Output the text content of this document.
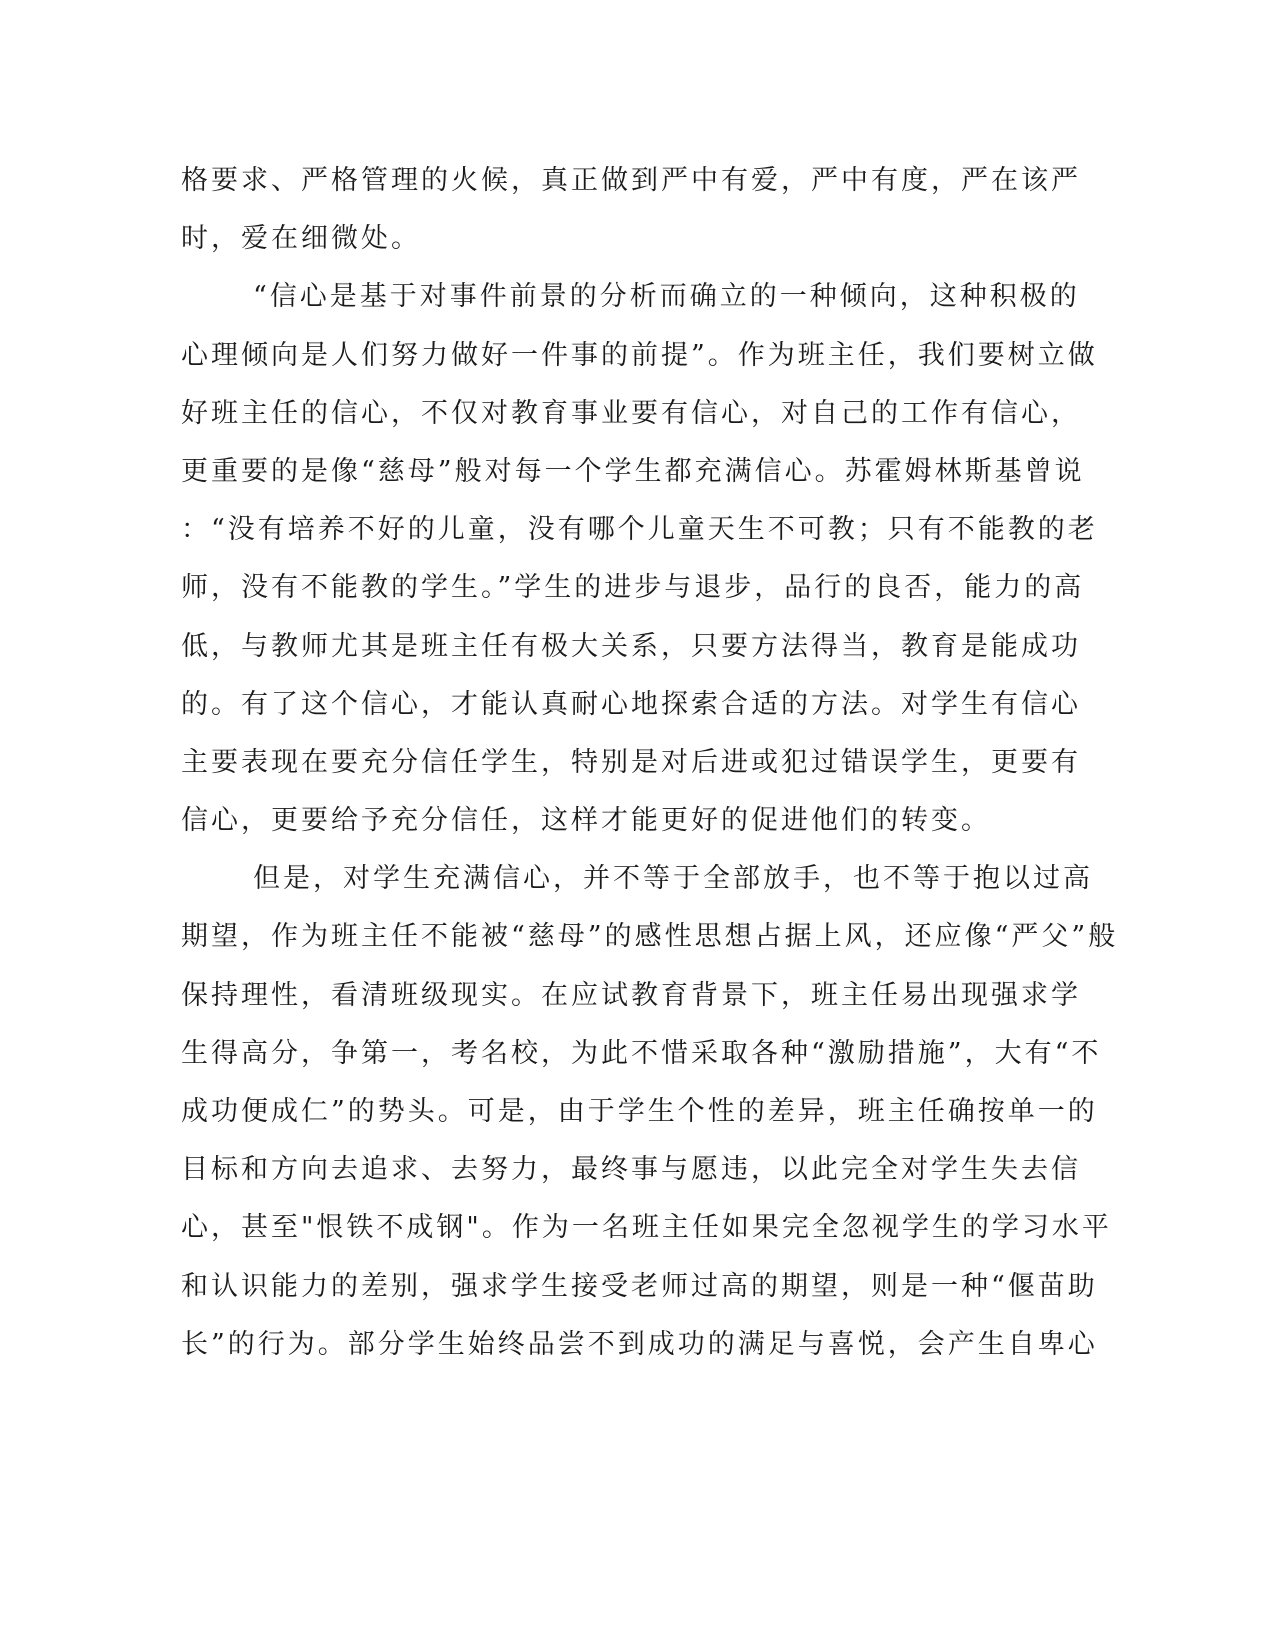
格要求、严格管理的火候，真正做到严中有爱，严中有度，严在该严
时，爱在细微处。
“信心是基于对事件前景的分析而确立的一种倾向，这种积极的
心理倾向是人们努力做好一件事的前提”。作为班主任，我们要树立做
好班主任的信心，不仅对教育事业要有信心，对自己的工作有信心，
更重要的是像“慈母”般对每一个学生都充满信心。苏霍姆林斯基曾说
：“没有培养不好的儿童，没有哪个儿童天生不可教；只有不能教的老
师，没有不能教的学生。”学生的进步与退步，品行的良否，能力的高
低，与教师尤其是班主任有极大关系，只要方法得当，教育是能成功
的。有了这个信心，才能认真耐心地探索合适的方法。对学生有信心
主要表现在要充分信任学生，特别是对后进或犯过错误学生，更要有
信心，更要给予充分信任，这样才能更好的促进他们的转变。
但是，对学生充满信心，并不等于全部放手，也不等于抱以过高
期望，作为班主任不能被“慈母”的感性思想占据上风，还应像“严父”般
保持理性，看清班级现实。在应试教育背景下，班主任易出现强求学
生得高分，争第一，考名校，为此不惜采取各种“激励措施”，大有“不
成功便成仁”的势头。可是，由于学生个性的差异，班主任确按单一的
目标和方向去追求、去努力，最终事与愿违，以此完全对学生失去信
心，甚至"恨铁不成钢"。作为一名班主任如果完全忽视学生的学习水平
和认识能力的差别，强求学生接受老师过高的期望，则是一种“偃苗助
长”的行为。部分学生始终品尝不到成功的满足与喜悦，会产生自卑心
